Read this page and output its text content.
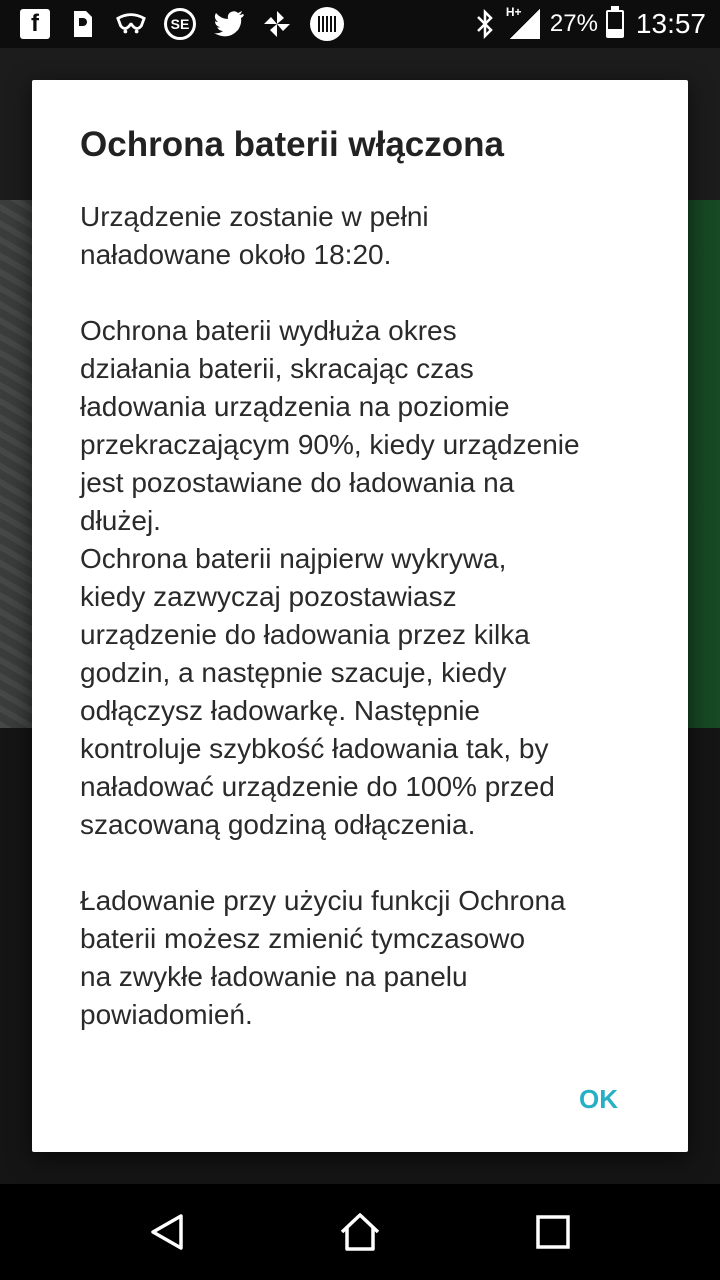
f	SE
H+ 27% 13:57
Ochrona baterii włączona

Urządzenie zostanie w pełni
naładowane około 18:20.

Ochrona baterii wydłuża okres
działania baterii, skracając czas
ładowania urządzenia na poziomie
przekraczającym 90%, kiedy urządzenie
jest pozostawiane do ładowania na
dłużej.

Ochrona baterii najpierw wykrywa,
kiedy zazwyczaj pozostawiasz
urządzenie do ładowania przez kilka
godzin, a następnie szacuje, kiedy
odłączysz ładowarkę. Następnie
kontroluje szybkość ładowania tak, by
naładować urządzenie do 100% przed
szacowaną godziną odłączenia.

Ładowanie przy użyciu funkcji Ochrona
baterii możesz zmienić tymczasowo
na zwykłe ładowanie na panelu
powiadomień.

OK
